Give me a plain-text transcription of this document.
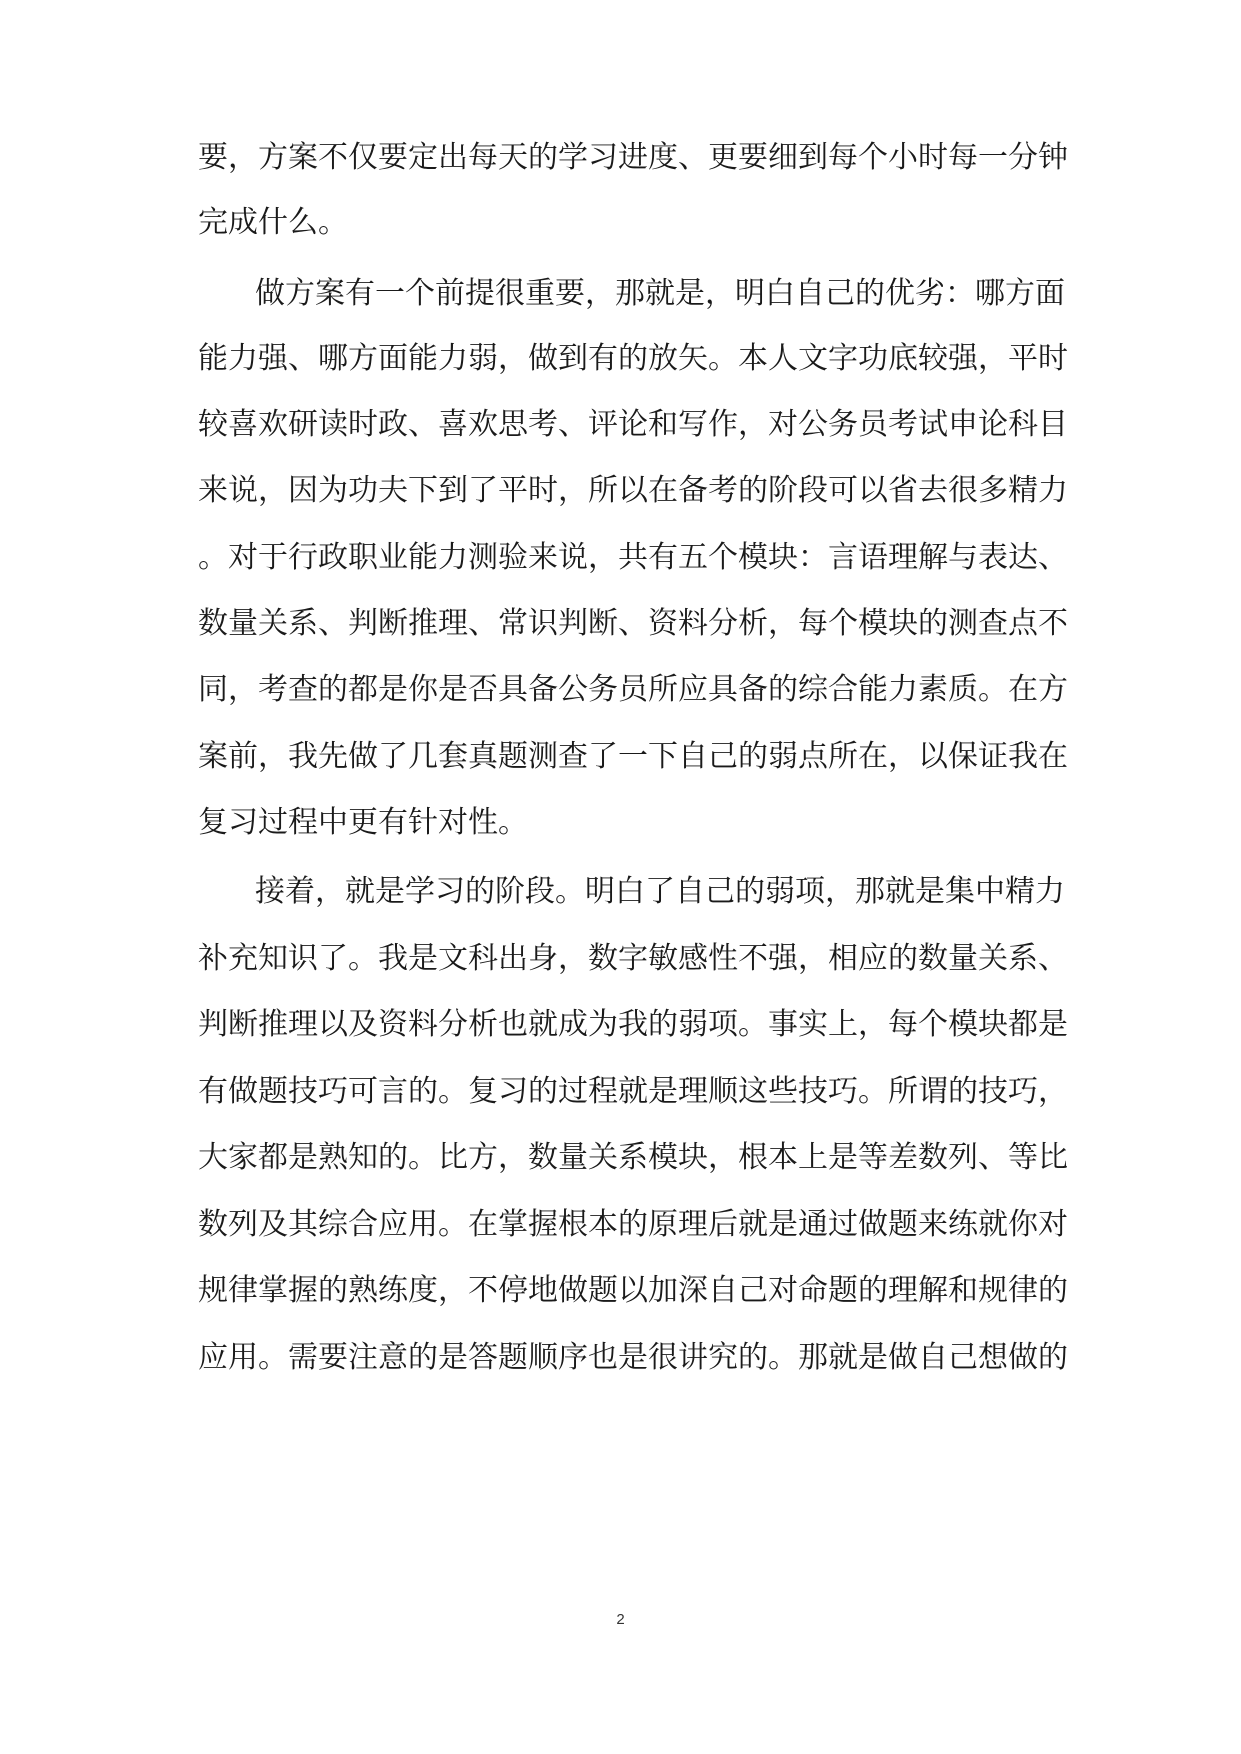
要，方案不仅要定出每天的学习进度、更要细到每个小时每一分钟
完成什么。
做方案有一个前提很重要，那就是，明白自己的优劣：哪方面
能力强、哪方面能力弱，做到有的放矢。本人文字功底较强，平时
较喜欢研读时政、喜欢思考、评论和写作，对公务员考试申论科目
来说，因为功夫下到了平时，所以在备考的阶段可以省去很多精力
。对于行政职业能力测验来说，共有五个模块：言语理解与表达、
数量关系、判断推理、常识判断、资料分析，每个模块的测查点不
同，考查的都是你是否具备公务员所应具备的综合能力素质。在方
案前，我先做了几套真题测查了一下自己的弱点所在，以保证我在
复习过程中更有针对性。
接着，就是学习的阶段。明白了自己的弱项，那就是集中精力
补充知识了。我是文科出身，数字敏感性不强，相应的数量关系、
判断推理以及资料分析也就成为我的弱项。事实上，每个模块都是
有做题技巧可言的。复习的过程就是理顺这些技巧。所谓的技巧，
大家都是熟知的。比方，数量关系模块，根本上是等差数列、等比
数列及其综合应用。在掌握根本的原理后就是通过做题来练就你对
规律掌握的熟练度，不停地做题以加深自己对命题的理解和规律的
应用。需要注意的是答题顺序也是很讲究的。那就是做自己想做的
2
